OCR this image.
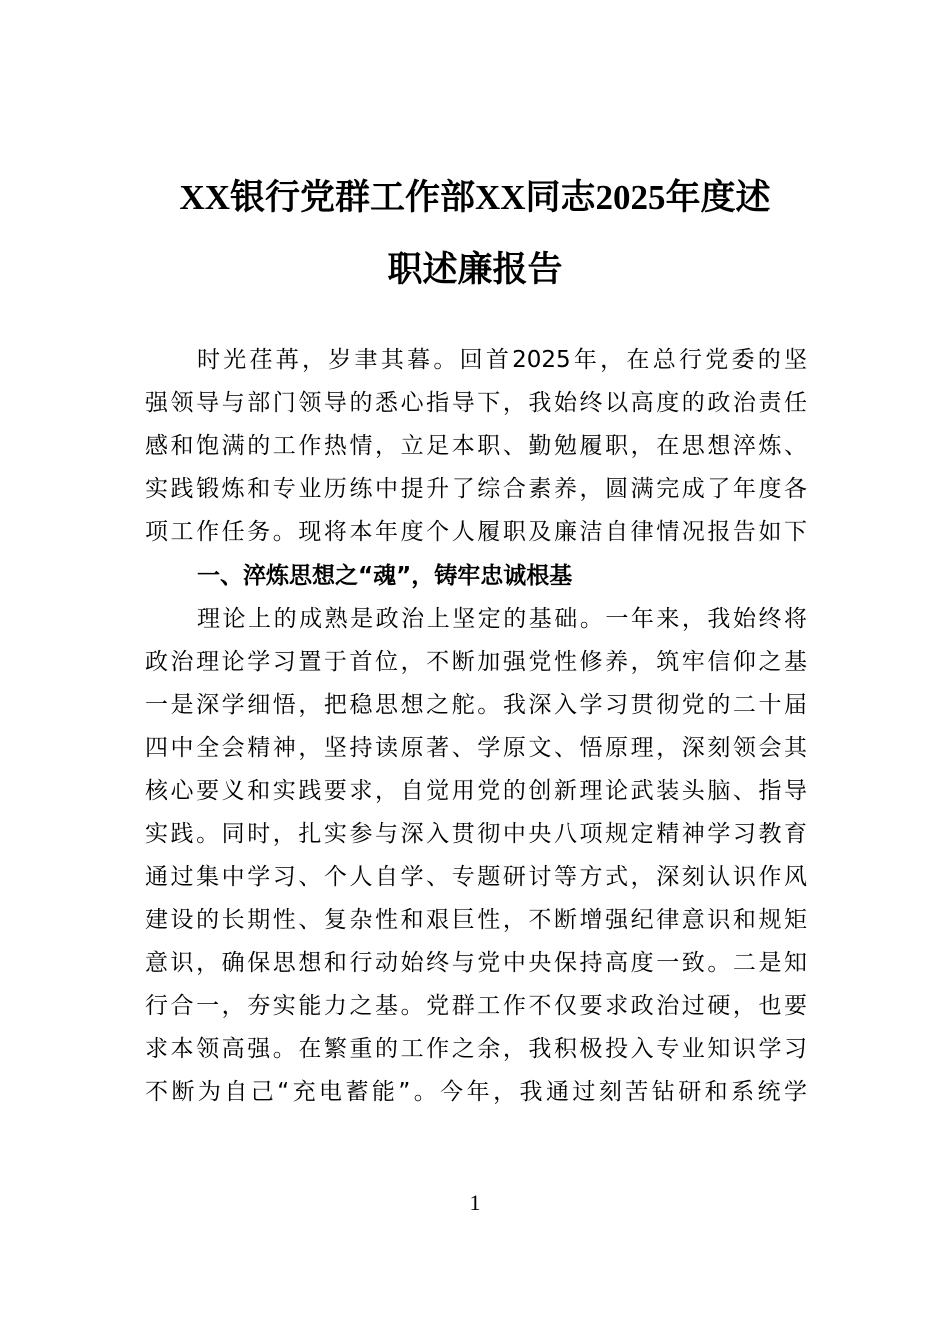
XX银行党群工作部XX同志2025年度述
职述廉报告
时光荏苒，岁聿其暮。回首2025年，在总行党委的坚
强领导与部门领导的悉心指导下，我始终以高度的政治责任
感和饱满的工作热情，立足本职、勤勉履职，在思想淬炼、
实践锻炼和专业历练中提升了综合素养，圆满完成了年度各
项工作任务。现将本年度个人履职及廉洁自律情况报告如下
一、淬炼思想之“魂”，铸牢忠诚根基
理论上的成熟是政治上坚定的基础。一年来，我始终将
政治理论学习置于首位，不断加强党性修养，筑牢信仰之基
一是深学细悟，把稳思想之舵。我深入学习贯彻党的二十届
四中全会精神，坚持读原著、学原文、悟原理，深刻领会其
核心要义和实践要求，自觉用党的创新理论武装头脑、指导
实践。同时，扎实参与深入贯彻中央八项规定精神学习教育
通过集中学习、个人自学、专题研讨等方式，深刻认识作风
建设的长期性、复杂性和艰巨性，不断增强纪律意识和规矩
意识，确保思想和行动始终与党中央保持高度一致。二是知
行合一，夯实能力之基。党群工作不仅要求政治过硬，也要
求本领高强。在繁重的工作之余，我积极投入专业知识学习
不断为自己“充电蓄能”。今年，我通过刻苦钻研和系统学
1
